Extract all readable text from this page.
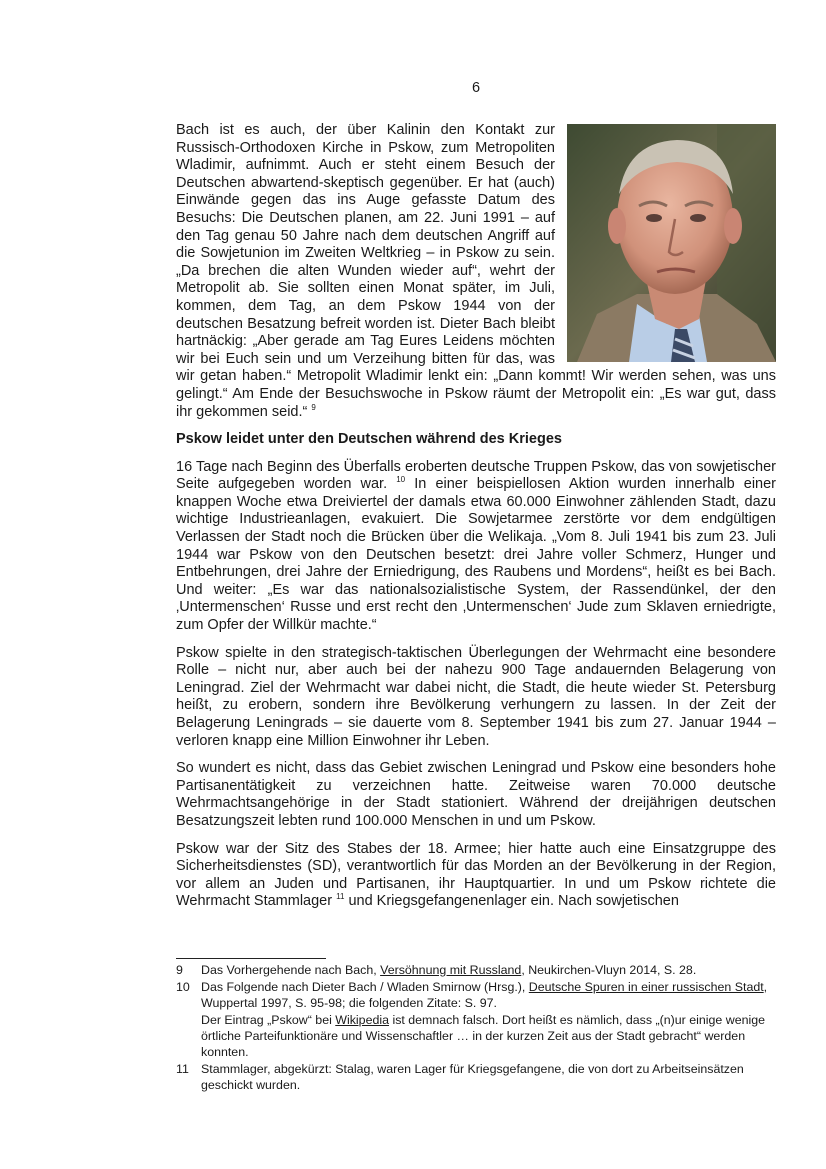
6

Bach ist es auch, der über Kalinin den Kontakt zur Russisch-Orthodoxen Kirche in Pskow, zum Metropoliten Wladimir, aufnimmt. Auch er steht einem Besuch der Deutschen abwartend-skeptisch gegenüber. Er hat (auch) Einwände gegen das ins Auge gefasste Datum des Besuchs: Die Deutschen planen, am 22. Juni 1991 – auf den Tag genau 50 Jahre nach dem deutschen Angriff auf die Sowjetunion im Zweiten Weltkrieg – in Pskow zu sein. „Da brechen die alten Wunden wieder auf“, wehrt der Metropolit ab. Sie sollten einen Monat später, im Juli, kommen, dem Tag, an dem Pskow 1944 von der deutschen Besatzung befreit worden ist. Dieter Bach bleibt hartnäckig: „Aber gerade am Tag Eures Leidens möchten wir bei Euch sein und um Verzeihung bitten für das, was wir getan haben.“ Metropolit Wladimir lenkt ein: „Dann kommt! Wir werden sehen, was uns gelingt.“ Am Ende der Besuchswoche in Pskow räumt der Metropolit ein: „Es war gut, dass ihr gekommen seid.“ $^9$

Pskow leidet unter den Deutschen während des Krieges

16 Tage nach Beginn des Überfalls eroberten deutsche Truppen Pskow, das von sowjetischer Seite aufgegeben worden war. $^{10}$ In einer beispiellosen Aktion wurden innerhalb einer knappen Woche etwa Dreiviertel der damals etwa 60.000 Einwohner zählenden Stadt, dazu wichtige Industrieanlagen, evakuiert. Die Sowjetarmee zerstörte vor dem endgültigen Verlassen der Stadt noch die Brücken über die Welikaja. „Vom 8. Juli 1941 bis zum 23. Juli 1944 war Pskow von den Deutschen besetzt: drei Jahre voller Schmerz, Hunger und Entbehrungen, drei Jahre der Erniedrigung, des Raubens und Mordens“, heißt es bei Bach. Und weiter: „Es war das nationalsozialistische System, der Rassendünkel, der den ‚Untermenschen‘ Russe und erst recht den ‚Untermenschen‘ Jude zum Sklaven erniedrigte, zum Opfer der Willkür machte.“

Pskow spielte in den strategisch-taktischen Überlegungen der Wehrmacht eine besondere Rolle – nicht nur, aber auch bei der nahezu 900 Tage andauernden Belagerung von Leningrad. Ziel der Wehrmacht war dabei nicht, die Stadt, die heute wieder St. Petersburg heißt, zu erobern, sondern ihre Bevölkerung verhungern zu lassen. In der Zeit der Belagerung Leningrads – sie dauerte vom 8. September 1941 bis zum 27. Januar 1944 – verloren knapp eine Million Einwohner ihr Leben.

So wundert es nicht, dass das Gebiet zwischen Leningrad und Pskow eine besonders hohe Partisanentätigkeit zu verzeichnen hatte. Zeitweise waren 70.000 deutsche Wehrmachtsangehörige in der Stadt stationiert. Während der dreijährigen deutschen Besatzungszeit lebten rund 100.000 Menschen in und um Pskow.

Pskow war der Sitz des Stabes der 18. Armee; hier hatte auch eine Einsatzgruppe des Sicherheitsdienstes (SD), verantwortlich für das Morden an der Bevölkerung in der Region, vor allem an Juden und Partisanen, ihr Hauptquartier. In und um Pskow richtete die Wehrmacht Stammlager $^{11}$ und Kriegsgefangenenlager ein. Nach sowjetischen

9	Das Vorhergehende nach Bach, Versöhnung mit Russland, Neukirchen-Vluyn 2014, S. 28.
10 Das Folgende nach Dieter Bach / Wladen Smirnow (Hrsg.), Deutsche Spuren in einer russischen Stadt, Wuppertal 1997, S. 95-98; die folgenden Zitate: S. 97.
Der Eintrag „Pskow“ bei Wikipedia ist demnach falsch. Dort heißt es nämlich, dass „(n)ur einige wenige örtliche Parteifunktionäre und Wissenschaftler … in der kurzen Zeit aus der Stadt gebracht“ werden konnten.
11 Stammlager, abgekürzt: Stalag, waren Lager für Kriegsgefangene, die von dort zu Arbeitseinsätzen geschickt wurden.
